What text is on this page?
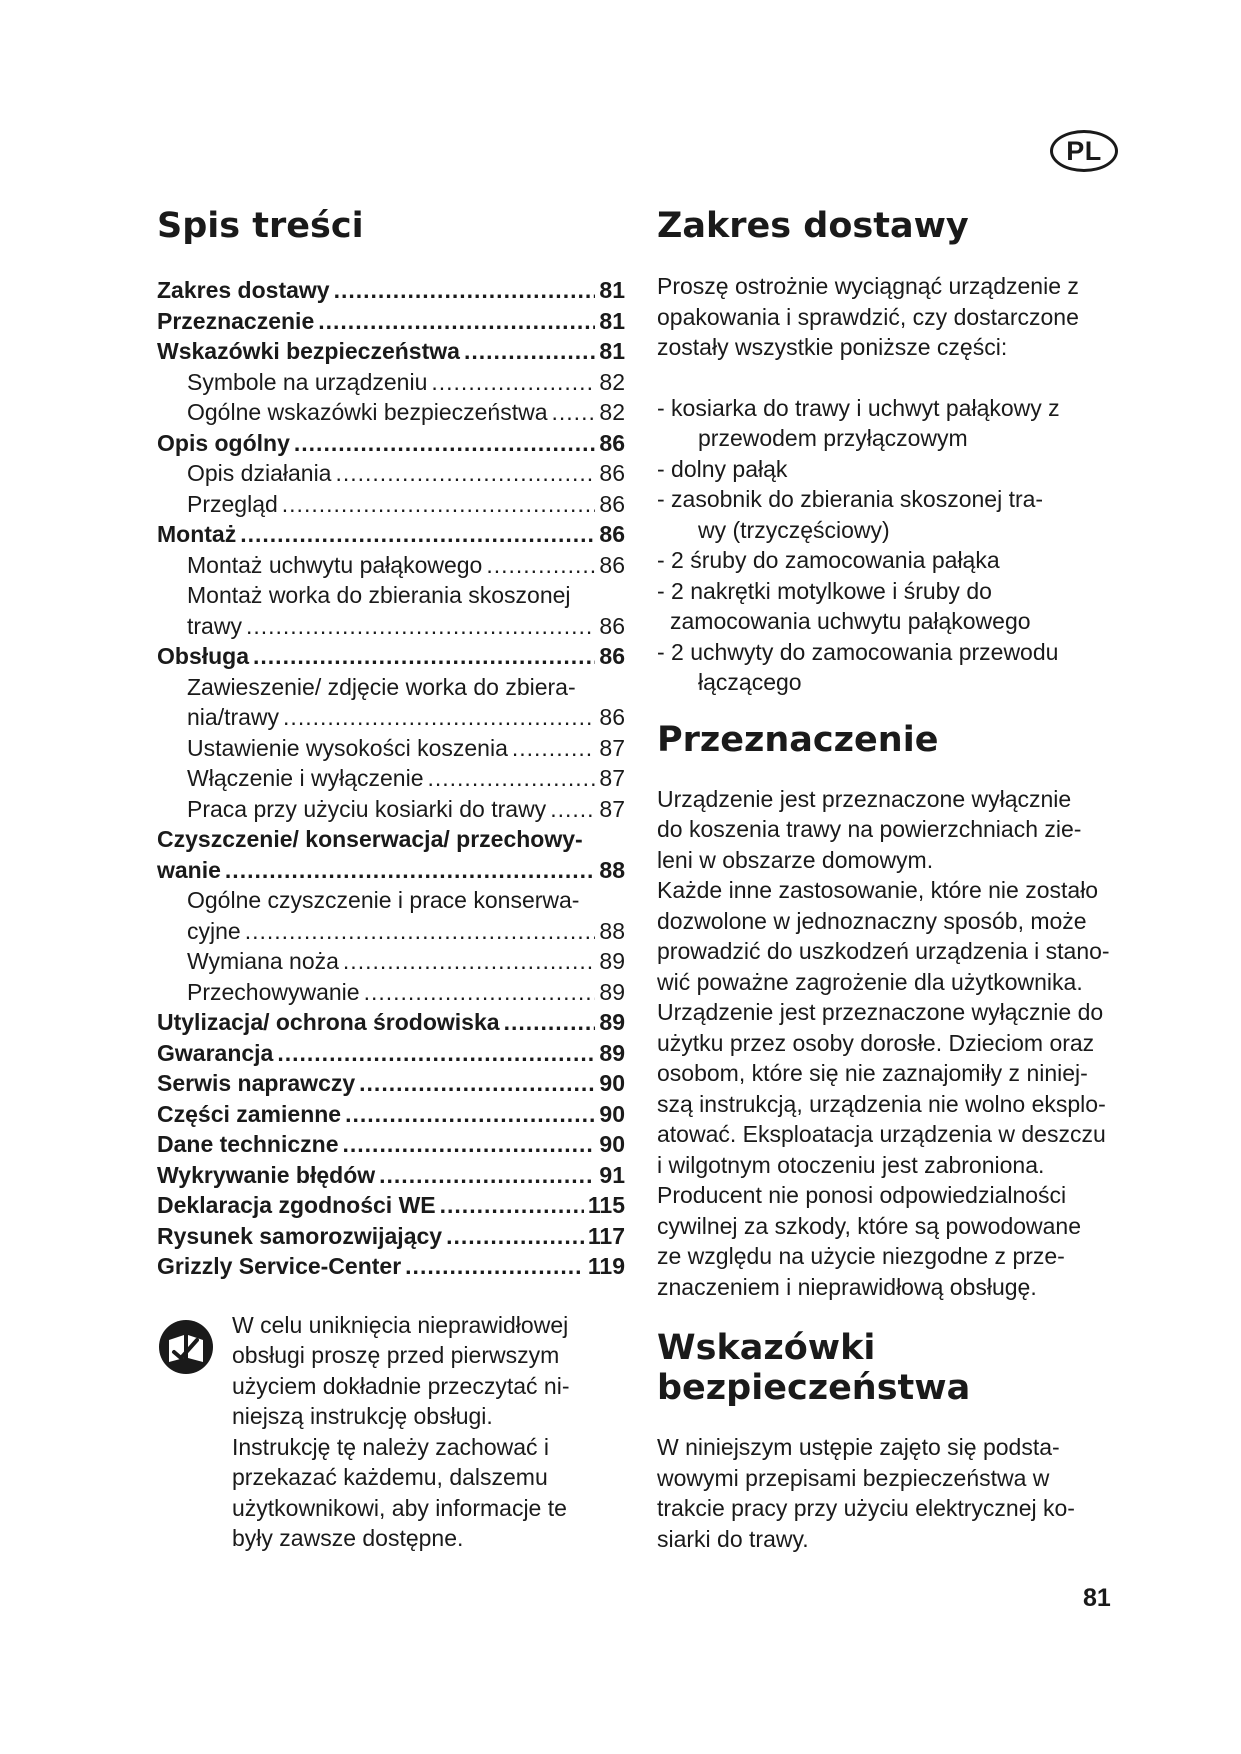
PL
Spis treści
Zakres dostawy .....	81
Przeznaczenie .....	81
Wskazówki bezpieczeństwa .....	81
Symbole na urządzeniu .....	82
Ogólne wskazówki bezpieczeństwa ..... 82
Opis ogólny .....	86
Opis działania .....	86
Przegląd .....	86
Montaż .....	86
Montaż uchwytu pałąkowego .....	86
Montaż worka do zbierania skoszonej
trawy .....	86
Obsługa .....	86
Zawieszenie/ zdjęcie worka do zbiera-
nia/trawy .....	86
Ustawienie wysokości koszenia .....	87
Włączenie i wyłączenie .....	87
Praca przy użyciu kosiarki do trawy ..... 87
Czyszczenie/ konserwacja/ przechowy-
wanie .....	88
Ogólne czyszczenie i prace konserwa-
cyjne .....	88
Wymiana noża .....	89
Przechowywanie .....	89
Utylizacja/ ochrona środowiska .....	89
Gwarancja .....	89
Serwis naprawczy .....	90
Części zamienne .....	90
Dane techniczne .....	90
Wykrywanie błędów .....	91
Deklaracja zgodności WE .....	115
Rysunek samorozwijający .....	117
Grizzly Service-Center .....	119
W celu uniknięcia nieprawidłowej
obsługi proszę przed pierwszym
użyciem dokładnie przeczytać ni-
niejszą instrukcję obsługi.
Instrukcję tę należy zachować i
przekazać każdemu, dalszemu
użytkownikowi, aby informacje te
były zawsze dostępne.
Zakres dostawy
Proszę ostrożnie wyciągnąć urządzenie z
opakowania i sprawdzić, czy dostarczone
zostały wszystkie poniższe części:
- kosiarka do trawy i uchwyt pałąkowy z
przewodem przyłączowym
- dolny pałąk
- zasobnik do zbierania skoszonej tra-
wy (trzyczęściowy)
- 2 śruby do zamocowania pałąka
- 2 nakrętki motylkowe i śruby do
zamocowania uchwytu pałąkowego
- 2 uchwyty do zamocowania przewodu
łączącego
Przeznaczenie
Urządzenie jest przeznaczone wyłącznie
do koszenia trawy na powierzchniach zie-
leni w obszarze domowym.
Każde inne zastosowanie, które nie zostało
dozwolone w jednoznaczny sposób, może
prowadzić do uszkodzeń urządzenia i stano-
wić poważne zagrożenie dla użytkownika.
Urządzenie jest przeznaczone wyłącznie do
użytku przez osoby dorosłe. Dzieciom oraz
osobom, które się nie zaznajomiły z niniej-
szą instrukcją, urządzenia nie wolno eksplo-
atować. Eksploatacja urządzenia w deszczu
i wilgotnym otoczeniu jest zabroniona.
Producent nie ponosi odpowiedzialności
cywilnej za szkody, które są powodowane
ze względu na użycie niezgodne z prze-
znaczeniem i nieprawidłową obsługę.
Wskazówki
bezpieczeństwa
W niniejszym ustępie zajęto się podsta-
wowymi przepisami bezpieczeństwa w
trakcie pracy przy użyciu elektrycznej ko-
siarki do trawy.
81
